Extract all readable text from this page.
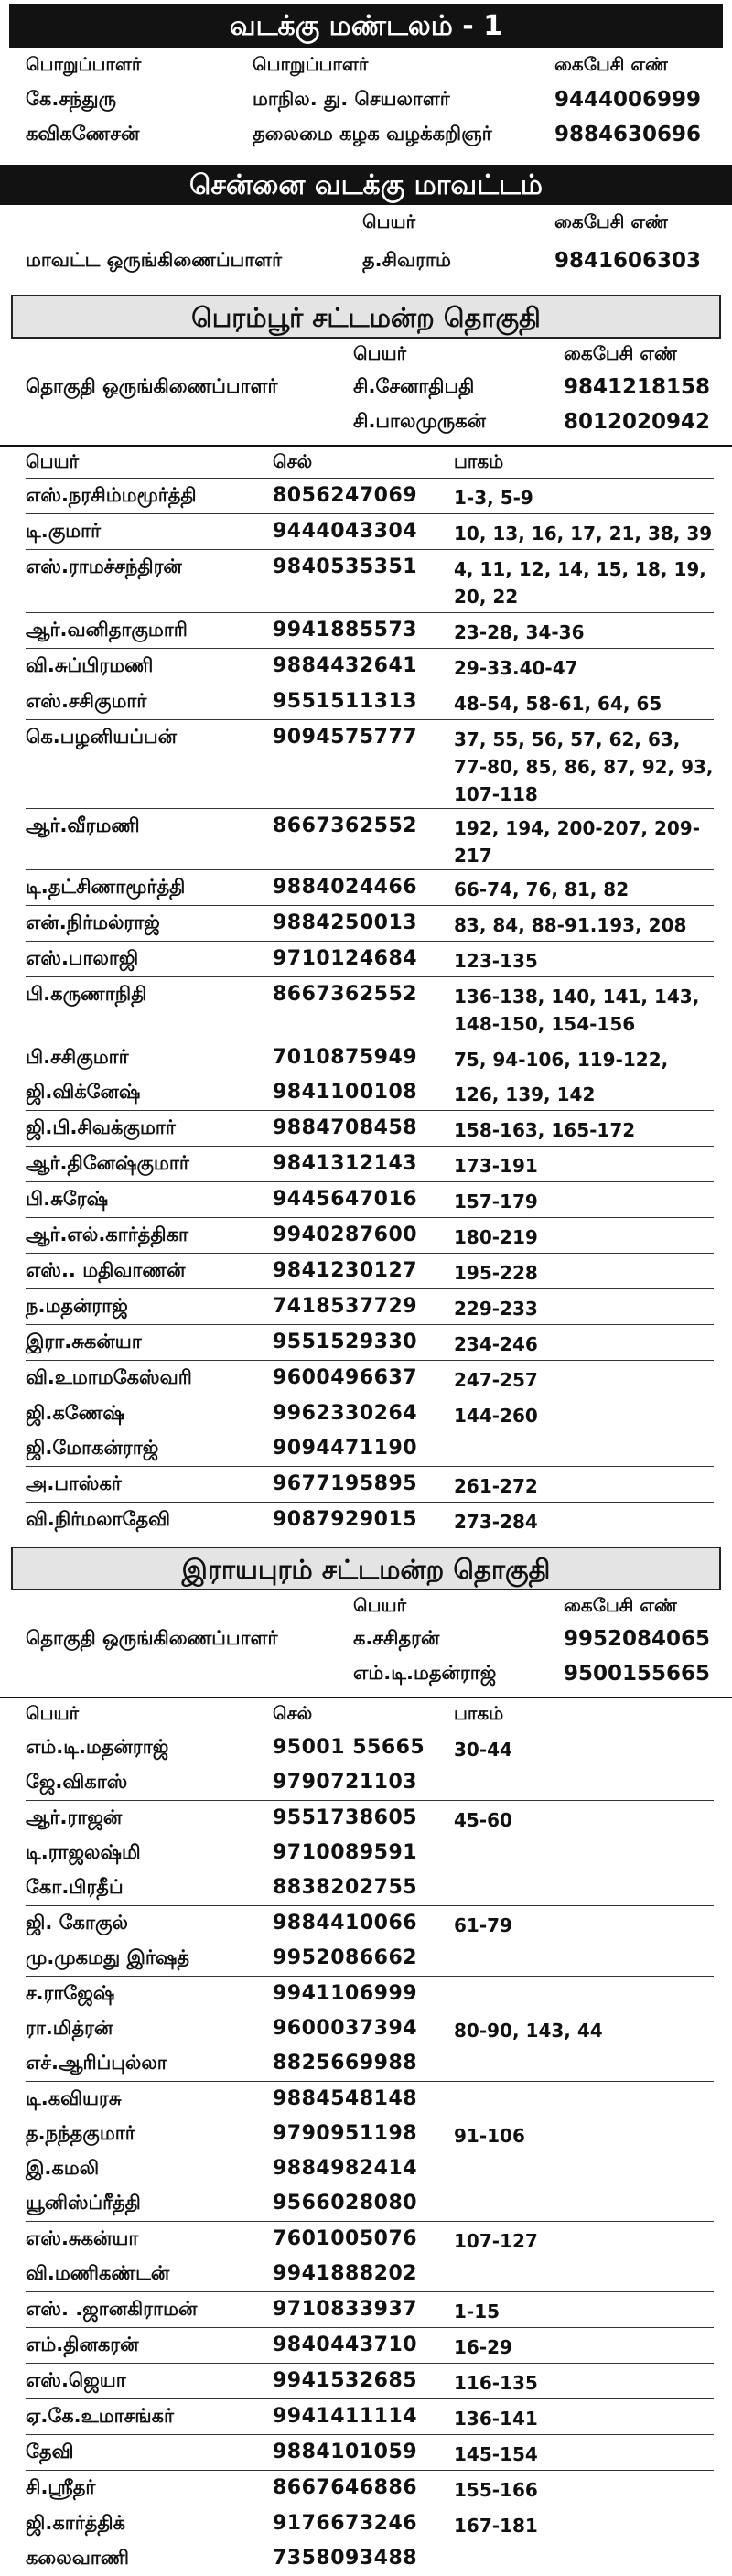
வடக்கு மண்டலம் - 1
பொறுப்பாளர்	பொறுப்பாளர்	கைபேசி எண்
கே.சந்துரு	மாநில. து. செயலாளர்	9444006999
கவிகணேசன்	தலைமை கழக வழக்கறிஞர்	9884630696
சென்னை வடக்கு மாவட்டம்
பெயர்	கைபேசி எண்
மாவட்ட ஒருங்கிணைப்பாளர்	த.சிவராம்	9841606303
பெரம்பூர் சட்டமன்ற தொகுதி
பெயர்	கைபேசி எண்
தொகுதி ஒருங்கிணைப்பாளர்	சி.சேனாதிபதி	9841218158
சி.பாலமுருகன்	8012020942
பெயர்	செல்	பாகம்
எஸ்.நரசிம்மமூர்த்தி	8056247069	1-3, 5-9
டி.குமார்	9444043304	10, 13, 16, 17, 21, 38, 39
எஸ்.ராமச்சந்திரன்	9840535351	4, 11, 12, 14, 15, 18, 19, 20, 22
ஆர்.வனிதாகுமாரி	9941885573	23-28, 34-36
வி.சுப்பிரமணி	9884432641	29-33.40-47
எஸ்.சசிகுமார்	9551511313	48-54, 58-61, 64, 65
கெ.பழனியப்பன்	9094575777	37, 55, 56, 57, 62, 63, 77-80, 85, 86, 87, 92, 93, 107-118
ஆர்.வீரமணி	8667362552	192, 194, 200-207, 209-217
டி.தட்சிணாமூர்த்தி	9884024466	66-74, 76, 81, 82
என்.நிர்மல்ராஜ்	9884250013	83, 84, 88-91.193, 208
எஸ்.பாலாஜி	9710124684	123-135
பி.கருணாநிதி	8667362552	136-138, 140, 141, 143, 148-150, 154-156
பி.சசிகுமார்	7010875949	75, 94-106, 119-122,
ஜி.விக்னேஷ்	9841100108	126, 139, 142
ஜி.பி.சிவக்குமார்	9884708458	158-163, 165-172
ஆர்.தினேஷ்குமார்	9841312143	173-191
பி.சுரேஷ்	9445647016	157-179
ஆர்.எல்.கார்த்திகா	9940287600	180-219
எஸ்.. மதிவாணன்	9841230127	195-228
ந.மதன்ராஜ்	7418537729	229-233
இரா.சுகன்யா	9551529330	234-246
வி.உமாமகேஸ்வரி	9600496637	247-257
ஜி.கணேஷ்	9962330264	144-260
ஜி.மோகன்ராஜ்	9094471190
அ.பாஸ்கர்	9677195895	261-272
வி.நிர்மலாதேவி	9087929015	273-284
இராயபுரம் சட்டமன்ற தொகுதி
பெயர்	கைபேசி எண்
தொகுதி ஒருங்கிணைப்பாளர்	க.சசிதரன்	9952084065
எம்.டி.மதன்ராஜ்	9500155665
பெயர்	செல்	பாகம்
எம்.டி.மதன்ராஜ்	95001 55665	30-44
ஜே.விகாஸ்	9790721103
ஆர்.ராஜன்	9551738605	45-60
டி.ராஜலஷ்மி	9710089591
கோ.பிரதீப்	8838202755
ஜி. கோகுல்	9884410066	61-79
மு.முகமது இர்ஷத்	9952086662
ச.ராஜேஷ்	9941106999
ரா.மித்ரன்	9600037394	80-90, 143, 44
எச்.ஆரிப்புல்லா	8825669988
டி.கவியரசு	9884548148
த.நந்தகுமார்	9790951198	91-106
இ.கமலி	9884982414
யூனிஸ்ப்ரீத்தி	9566028080
எஸ்.சுகன்யா	7601005076	107-127
வி.மணிகண்டன்	9941888202
எஸ். .ஜானகிராமன்	9710833937	1-15
எம்.தினகரன்	9840443710	16-29
எஸ்.ஜெயா	9941532685	116-135
ஏ.கே.உமாசங்கர்	9941411114	136-141
தேவி	9884101059	145-154
சி.ஶ்ரீதர்	8667646886	155-166
ஜி.கார்த்திக்	9176673246	167-181
கலைவாணி	7358093488
